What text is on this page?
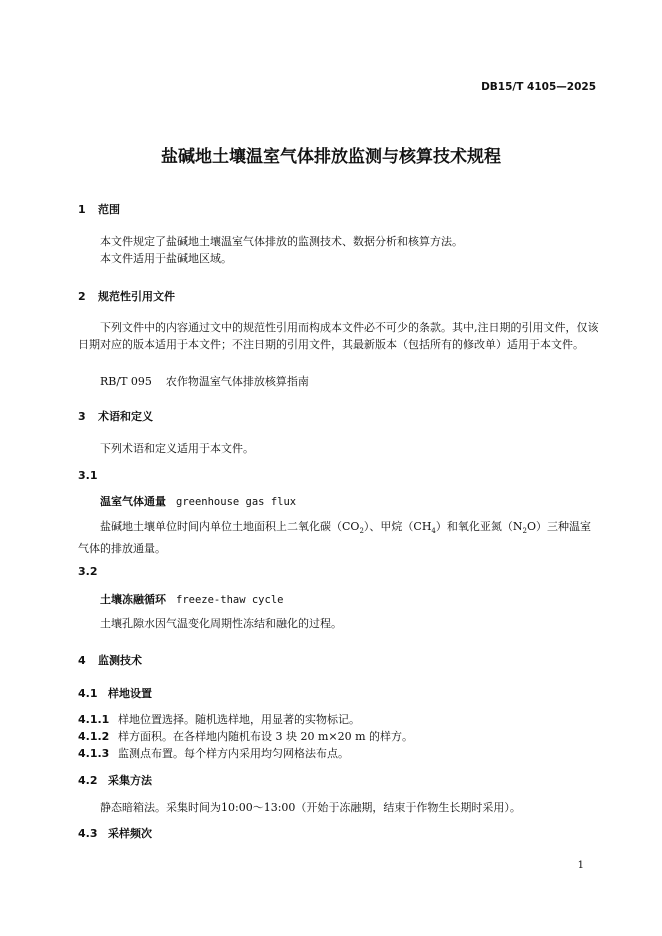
DB15/T 4105—2025
盐碱地土壤温室气体排放监测与核算技术规程
1 范围
本文件规定了盐碱地土壤温室气体排放的监测技术、数据分析和核算方法。
本文件适用于盐碱地区域。
2 规范性引用文件
下列文件中的内容通过文中的规范性引用而构成本文件必不可少的条款。其中,注日期的引用文件，仅该日期对应的版本适用于本文件；不注日期的引用文件，其最新版本（包括所有的修改单）适用于本文件。
RB/T 095 农作物温室气体排放核算指南
3 术语和定义
下列术语和定义适用于本文件。
3.1
温室气体通量 greenhouse gas flux
盐碱地土壤单位时间内单位土地面积上二氧化碳$(CO_2)$、甲烷$(CH_4)$和氧化亚氮$(N_2O)$三种温室气体的排放通量。
3.2
土壤冻融循环 freeze-thaw cycle
土壤孔隙水因气温变化周期性冻结和融化的过程。
4 监测技术
4.1 样地设置
4.1.1 样地位置选择。随机选样地，用显著的实物标记。
4.1.2 样方面积。在各样地内随机布设 3 块 20 m×20 m 的样方。
4.1.3 监测点布置。每个样方内采用均匀网格法布点。
4.2 采集方法
静态暗箱法。采集时间为10:00～13:00（开始于冻融期，结束于作物生长期时采用）。
4.3 采样频次
1
